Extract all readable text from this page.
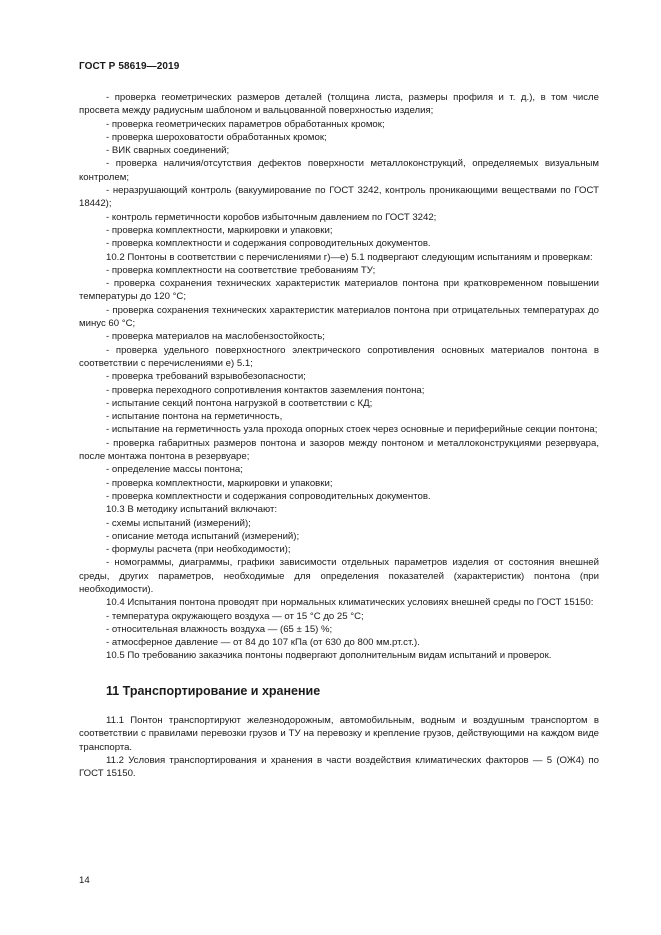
ГОСТ Р 58619—2019

- проверка геометрических размеров деталей (толщина листа, размеры профиля и т. д.), в том числе просвета между радиусным шаблоном и вальцованной поверхностью изделия;

- проверка геометрических параметров обработанных кромок;

- проверка шероховатости обработанных кромок;

- ВИК сварных соединений;

- проверка наличия/отсутствия дефектов поверхности металлоконструкций, определяемых визуальным контролем;

- неразрушающий контроль (вакуумирование по ГОСТ 3242, контроль проникающими веществами по ГОСТ 18442);

- контроль герметичности коробов избыточным давлением по ГОСТ 3242;

- проверка комплектности, маркировки и упаковки;

- проверка комплектности и содержания сопроводительных документов.

10.2 Понтоны в соответствии с перечислениями г)—е) 5.1 подвергают следующим испытаниям и проверкам:

- проверка комплектности на соответствие требованиям ТУ;

- проверка сохранения технических характеристик материалов понтона при кратковременном повышении температуры до 120 °С;

- проверка сохранения технических характеристик материалов понтона при отрицательных температурах до минус 60 °С;

- проверка материалов на маслобензостойкость;

- проверка удельного поверхностного электрического сопротивления основных материалов понтона в соответствии с перечислениями е) 5.1;

- проверка требований взрывобезопасности;

- проверка переходного сопротивления контактов заземления понтона;

- испытание секций понтона нагрузкой в соответствии с КД;

- испытание понтона на герметичность,

- испытание на герметичность узла прохода опорных стоек через основные и периферийные секции понтона;

- проверка габаритных размеров понтона и зазоров между понтоном и металлоконструкциями резервуара, после монтажа понтона в резервуаре;

- определение массы понтона;

- проверка комплектности, маркировки и упаковки;

- проверка комплектности и содержания сопроводительных документов.

10.3 В методику испытаний включают:

- схемы испытаний (измерений);

- описание метода испытаний (измерений);

- формулы расчета (при необходимости);

- номограммы, диаграммы, графики зависимости отдельных параметров изделия от состояния внешней среды, других параметров, необходимые для определения показателей (характеристик) понтона (при необходимости).

10.4 Испытания понтона проводят при нормальных климатических условиях внешней среды по ГОСТ 15150:

- температура окружающего воздуха — от 15 °С до 25 °С;

- относительная влажность воздуха — (65 ± 15) %;

- атмосферное давление — от 84 до 107 кПа (от 630 до 800 мм.рт.ст.).

10.5 По требованию заказчика понтоны подвергают дополнительным видам испытаний и проверок.

11 Транспортирование и хранение

11.1 Понтон транспортируют железнодорожным, автомобильным, водным и воздушным транспортом в соответствии с правилами перевозки грузов и ТУ на перевозку и крепление грузов, действующими на каждом виде транспорта.

11.2 Условия транспортирования и хранения в части воздействия климатических факторов — 5 (ОЖ4) по ГОСТ 15150.

14
